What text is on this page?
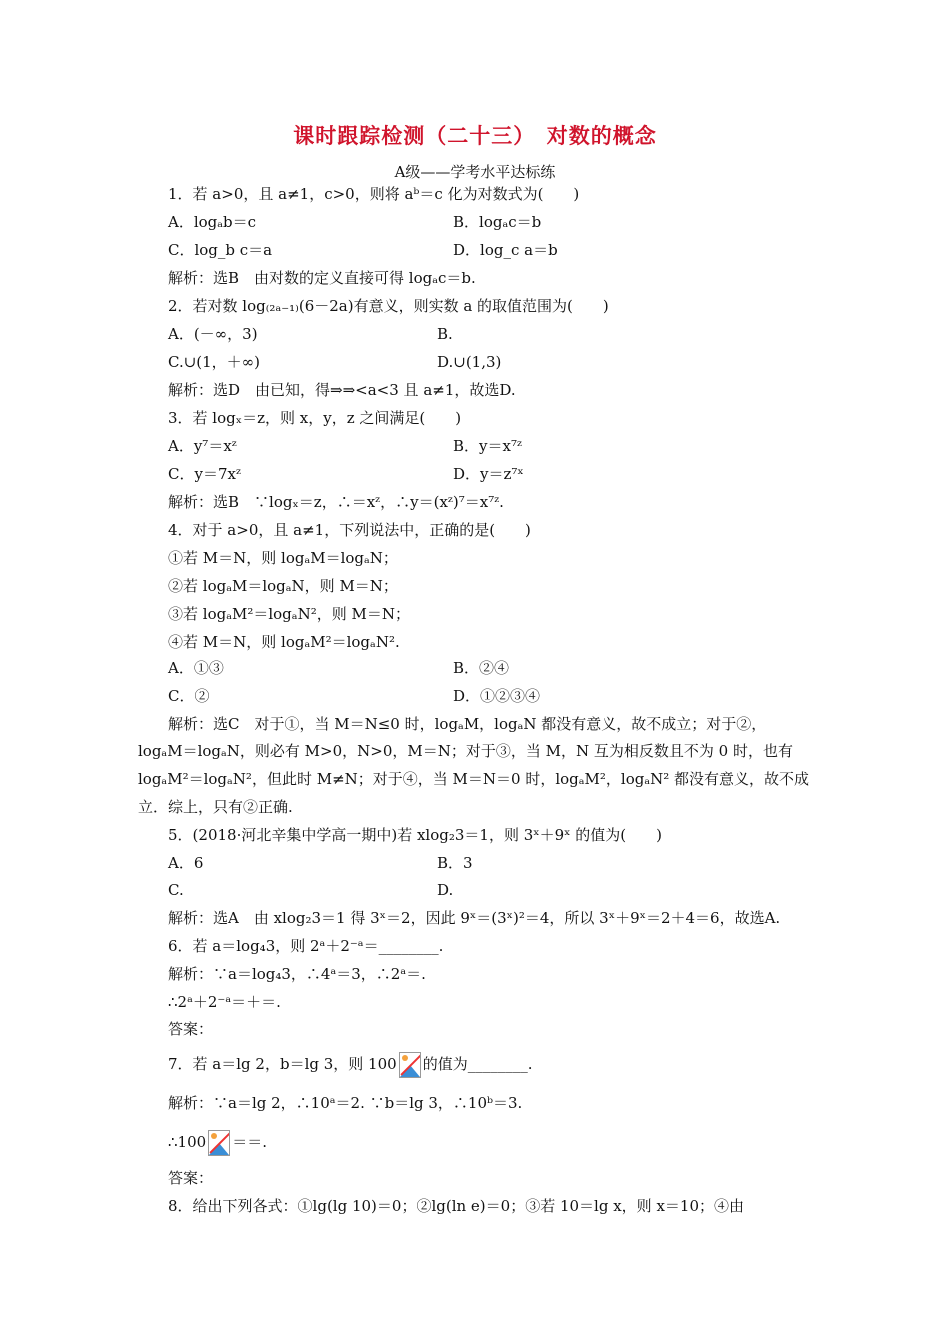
课时跟踪检测（二十三）　对数的概念
A级——学考水平达标练
1．若 a>0，且 a≠1，c>0，则将 aᵇ＝c 化为对数式为(　　)
A．logₐb＝c	B．logₐc＝b
C．log_b c＝a	D．log_c a＝b
解析：选B　由对数的定义直接可得 logₐc＝b.
2．若对数 log₍₂ₐ₋₁₎(6－2a)有意义，则实数 a 的取值范围为(　　)
A．(－∞，3)	B.
C.∪(1，＋∞)	D.∪(1,3)
解析：选D　由已知，得⇒⇒<a<3 且 a≠1，故选D.
3．若 logₓ＝z，则 x，y，z 之间满足(　　)
A．y⁷＝xᶻ	B．y＝x⁷ᶻ
C．y＝7xᶻ	D．y＝z⁷ˣ
解析：选B　∵logₓ＝z，∴＝xᶻ，∴y＝(xᶻ)⁷＝x⁷ᶻ.
4．对于 a>0，且 a≠1，下列说法中，正确的是(　　)
①若 M＝N，则 logₐM＝logₐN；
②若 logₐM＝logₐN，则 M＝N；
③若 logₐM²＝logₐN²，则 M＝N；
④若 M＝N，则 logₐM²＝logₐN².
A．①③	B．②④
C．②	D．①②③④
解析：选C　对于①，当 M＝N≤0 时，logₐM，logₐN 都没有意义，故不成立；对于②，
logₐM＝logₐN，则必有 M>0，N>0，M＝N；对于③，当 M，N 互为相反数且不为 0 时，也有
logₐM²＝logₐN²，但此时 M≠N；对于④，当 M＝N＝0 时，logₐM²，logₐN² 都没有意义，故不成
立．综上，只有②正确.
5．(2018·河北辛集中学高一期中)若 xlog₂3＝1，则 3ˣ＋9ˣ 的值为(　　)
A．6	B．3
C.	D.
解析：选A　由 xlog₂3＝1 得 3ˣ＝2，因此 9ˣ＝(3ˣ)²＝4，所以 3ˣ＋9ˣ＝2＋4＝6，故选A.
6．若 a＝log₄3，则 2ᵃ＋2⁻ᵃ＝________.
解析：∵a＝log₄3，∴4ᵃ＝3，∴2ᵃ＝.
∴2ᵃ＋2⁻ᵃ＝＋＝.
答案：
7．若 a＝lg 2，b＝lg 3，则 100 的值为________.
解析：∵a＝lg 2，∴10ᵃ＝2. ∵b＝lg 3，∴10ᵇ＝3.
∴100 ＝＝.
答案：
8．给出下列各式：①lg(lg 10)＝0；②lg(ln e)＝0；③若 10＝lg x，则 x＝10；④由
